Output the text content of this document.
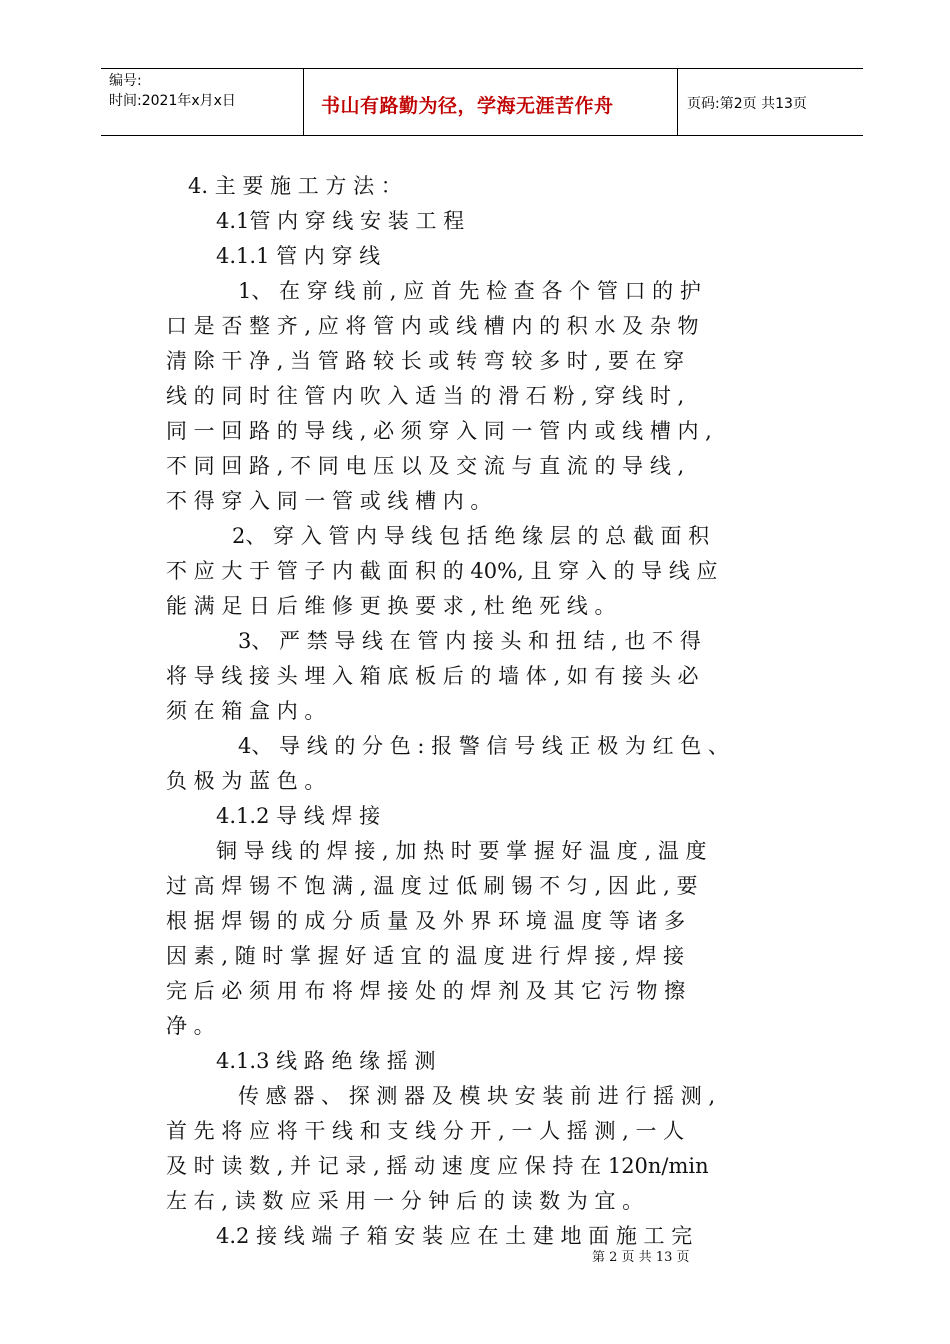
编号:
时间:2021年x月x日	书山有路勤为径，学海无涯苦作舟	页码:第2页 共13页
4. 主 要 施 工 方 法 ：
4.1管 内 穿 线 安 装 工 程
4.1.1 管 内 穿 线
1、 在 穿 线 前 , 应 首 先 检 查 各 个 管 口 的 护
口 是 否 整 齐 , 应 将 管 内 或 线 槽 内 的 积 水 及 杂 物
清 除 干 净 , 当 管 路 较 长 或 转 弯 较 多 时 , 要 在 穿
线 的 同 时 往 管 内 吹 入 适 当 的 滑 石 粉 , 穿 线 时 ,
同 一 回 路 的 导 线 , 必 须 穿 入 同 一 管 内 或 线 槽 内 ,
不 同 回 路 , 不 同 电 压 以 及 交 流 与 直 流 的 导 线 ,
不 得 穿 入 同 一 管 或 线 槽 内 。
2、 穿 入 管 内 导 线 包 括 绝 缘 层 的 总 截 面 积
不 应 大 于 管 子 内 截 面 积 的 40%, 且 穿 入 的 导 线 应
能 满 足 日 后 维 修 更 换 要 求 , 杜 绝 死 线 。
3、 严 禁 导 线 在 管 内 接 头 和 扭 结 , 也 不 得
将 导 线 接 头 埋 入 箱 底 板 后 的 墙 体 , 如 有 接 头 必
须 在 箱 盒 内 。
4、 导 线 的 分 色 : 报 警 信 号 线 正 极 为 红 色 、
负 极 为 蓝 色 。
4.1.2 导 线 焊 接
铜 导 线 的 焊 接 , 加 热 时 要 掌 握 好 温 度 , 温 度
过 高 焊 锡 不 饱 满 , 温 度 过 低 刷 锡 不 匀 , 因 此 , 要
根 据 焊 锡 的 成 分 质 量 及 外 界 环 境 温 度 等 诸 多
因 素 , 随 时 掌 握 好 适 宜 的 温 度 进 行 焊 接 , 焊 接
完 后 必 须 用 布 将 焊 接 处 的 焊 剂 及 其 它 污 物 擦
净 。
4.1.3 线 路 绝 缘 摇 测
传 感 器 、 探 测 器 及 模 块 安 装 前 进 行 摇 测 ,
首 先 将 应 将 干 线 和 支 线 分 开 , 一 人 摇 测 , 一 人
及 时 读 数 , 并 记 录 , 摇 动 速 度 应 保 持 在 120n/min
左 右 , 读 数 应 采 用 一 分 钟 后 的 读 数 为 宜 。
4.2 接 线 端 子 箱 安 装 应 在 土 建 地 面 施 工 完
第 2 页 共 13 页
